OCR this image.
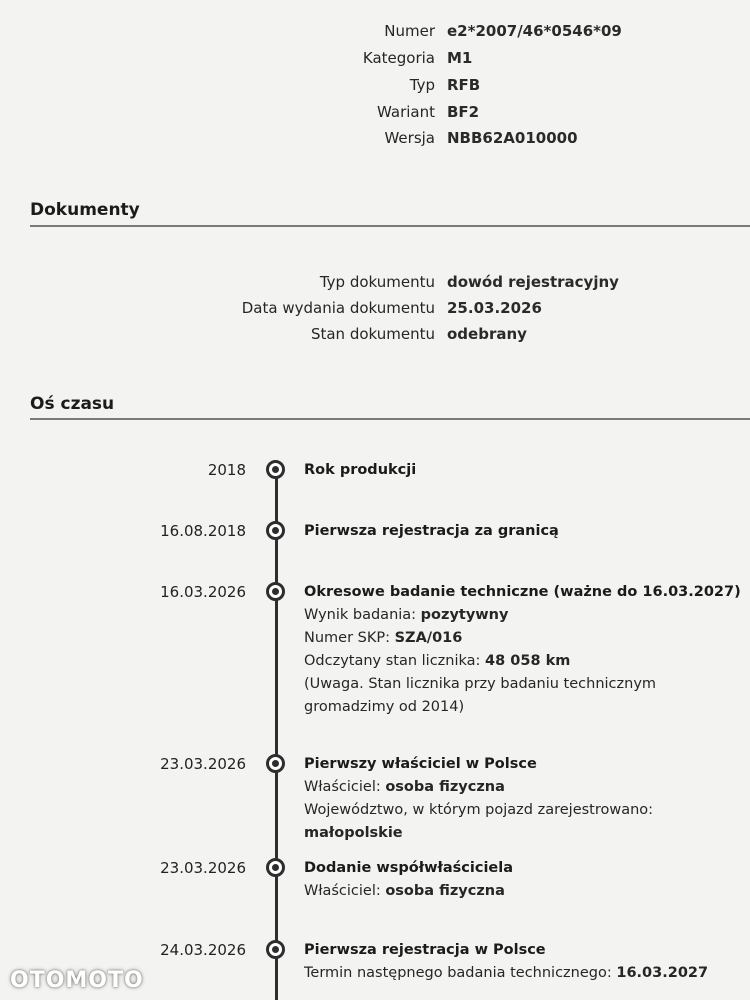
Numer e2*2007/46*0546*09
Kategoria M1
Typ RFB
Wariant BF2
Wersja NBB62A010000
Dokumenty
Typ dokumentu dowód rejestracyjny
Data wydania dokumentu 25.03.2026
Stan dokumentu odebrany
Oś czasu
2018	Rok produkcji
16.08.2018	Pierwsza rejestracja za granicą
16.03.2026	Okresowe badanie techniczne (ważne do 16.03.2027)
Wynik badania: pozytywny
Numer SKP: SZA/016
Odczytany stan licznika: 48 058 km
(Uwaga. Stan licznika przy badaniu technicznym gromadzimy od 2014)
23.03.2026	Pierwszy właściciel w Polsce
Właściciel: osoba fizyczna
Województwo, w którym pojazd zarejestrowano: małopolskie
23.03.2026	Dodanie współwłaściciela
Właściciel: osoba fizyczna
24.03.2026	Pierwsza rejestracja w Polsce
Termin następnego badania technicznego: 16.03.2027
OTOMOTO
